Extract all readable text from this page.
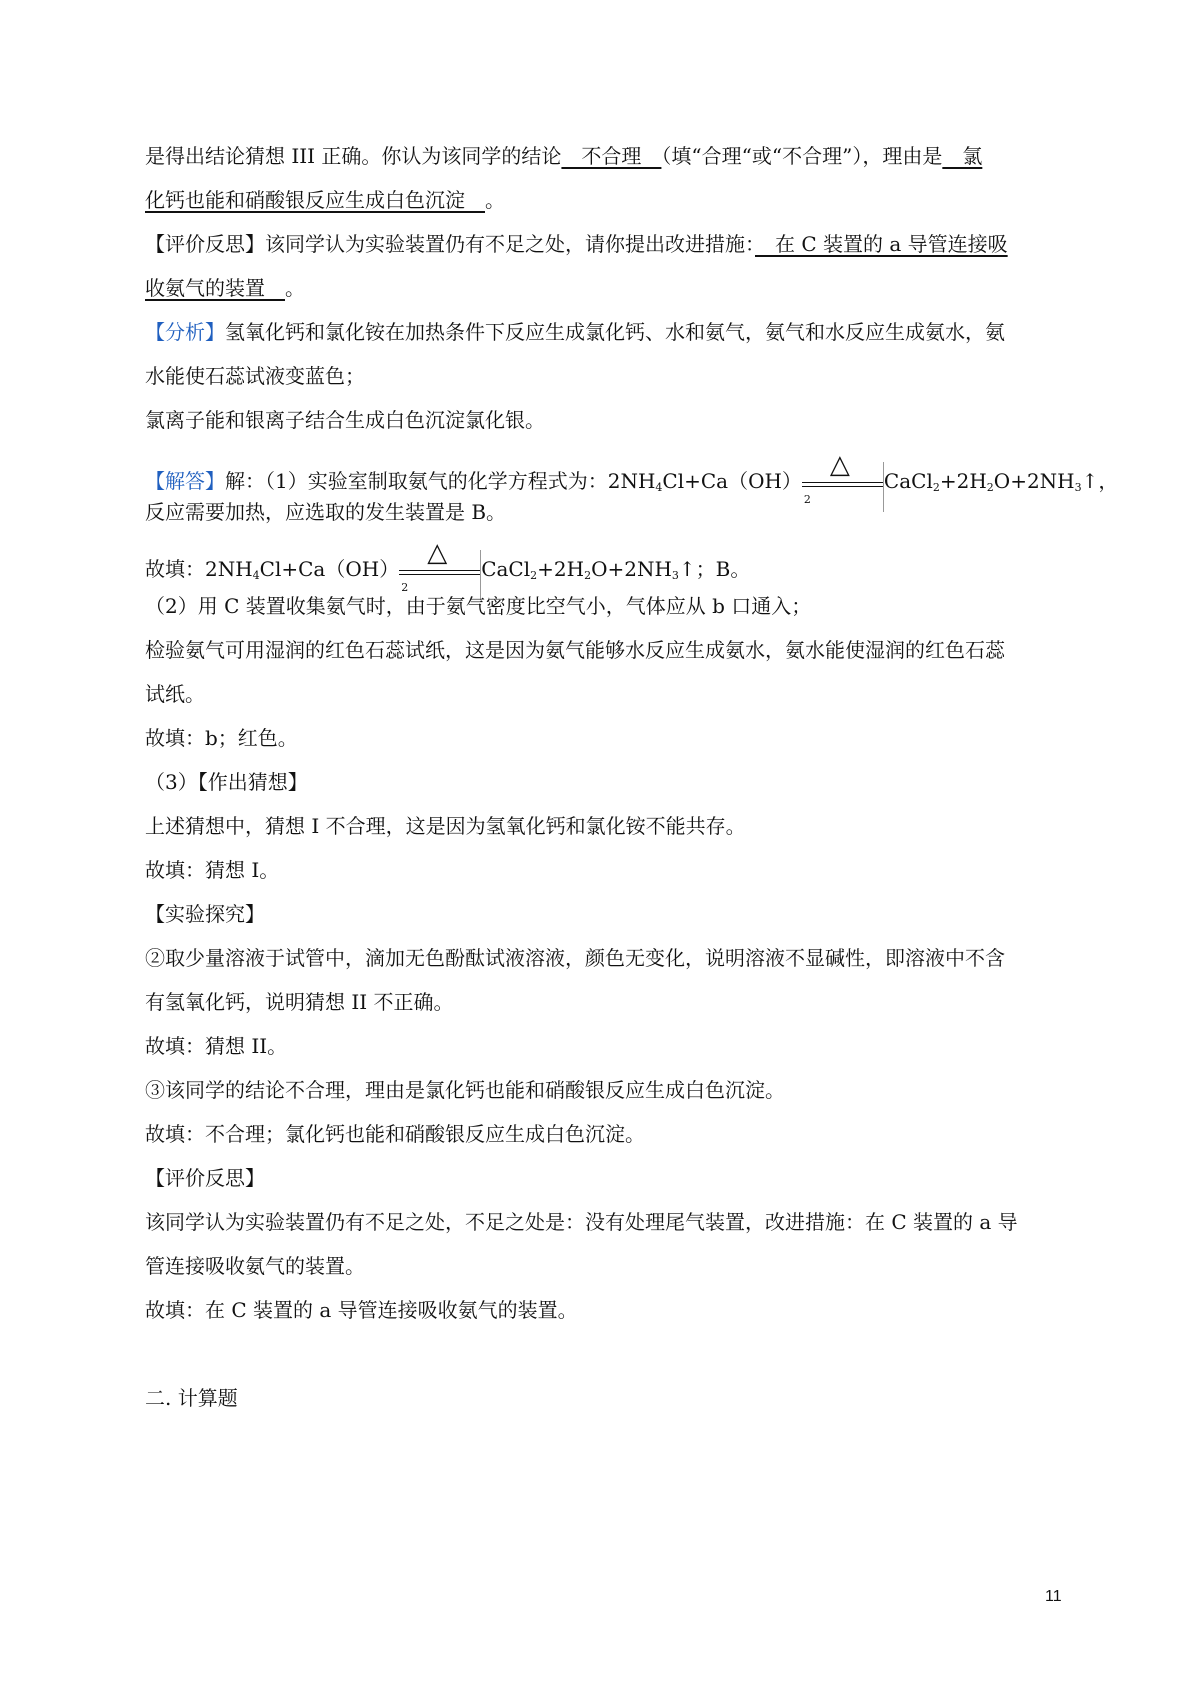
是得出结论猜想 III 正确。你认为该同学的结论　不合理　（填“合理“或“不合理”），理由是　氯
化钙也能和硝酸银反应生成白色沉淀　。
【评价反思】该同学认为实验装置仍有不足之处，请你提出改进措施：　在 C 装置的 a 导管连接吸
收氨气的装置　。
【分析】氢氧化钙和氯化铵在加热条件下反应生成氯化钙、水和氨气，氨气和水反应生成氨水，氨
水能使石蕊试液变蓝色；
氯离子能和银离子结合生成白色沉淀氯化银。
【解答】解：（1）实验室制取氨气的化学方程式为：$2NH_4Cl+Ca(OH)$
△
2
$CaCl_2+2H_2O+2NH_3↑$，
反应需要加热，应选取的发生装置是 B。
故填：$2NH_4Cl+Ca(OH)$
△
2
$CaCl_2+2H_2O+2NH_3↑$；B。
（2）用 C 装置收集氨气时，由于氨气密度比空气小，气体应从 b 口通入；
检验氨气可用湿润的红色石蕊试纸，这是因为氨气能够水反应生成氨水，氨水能使湿润的红色石蕊
试纸。
故填：b；红色。
（3）【作出猜想】
上述猜想中，猜想 I 不合理，这是因为氢氧化钙和氯化铵不能共存。
故填：猜想 I。
【实验探究】
②取少量溶液于试管中，滴加无色酚酞试液溶液，颜色无变化，说明溶液不显碱性，即溶液中不含
有氢氧化钙，说明猜想 II 不正确。
故填：猜想 II。
③该同学的结论不合理，理由是氯化钙也能和硝酸银反应生成白色沉淀。
故填：不合理；氯化钙也能和硝酸银反应生成白色沉淀。
【评价反思】
该同学认为实验装置仍有不足之处，不足之处是：没有处理尾气装置，改进措施：在 C 装置的 a 导
管连接吸收氨气的装置。
故填：在 C 装置的 a 导管连接吸收氨气的装置。
二. 计算题
11
